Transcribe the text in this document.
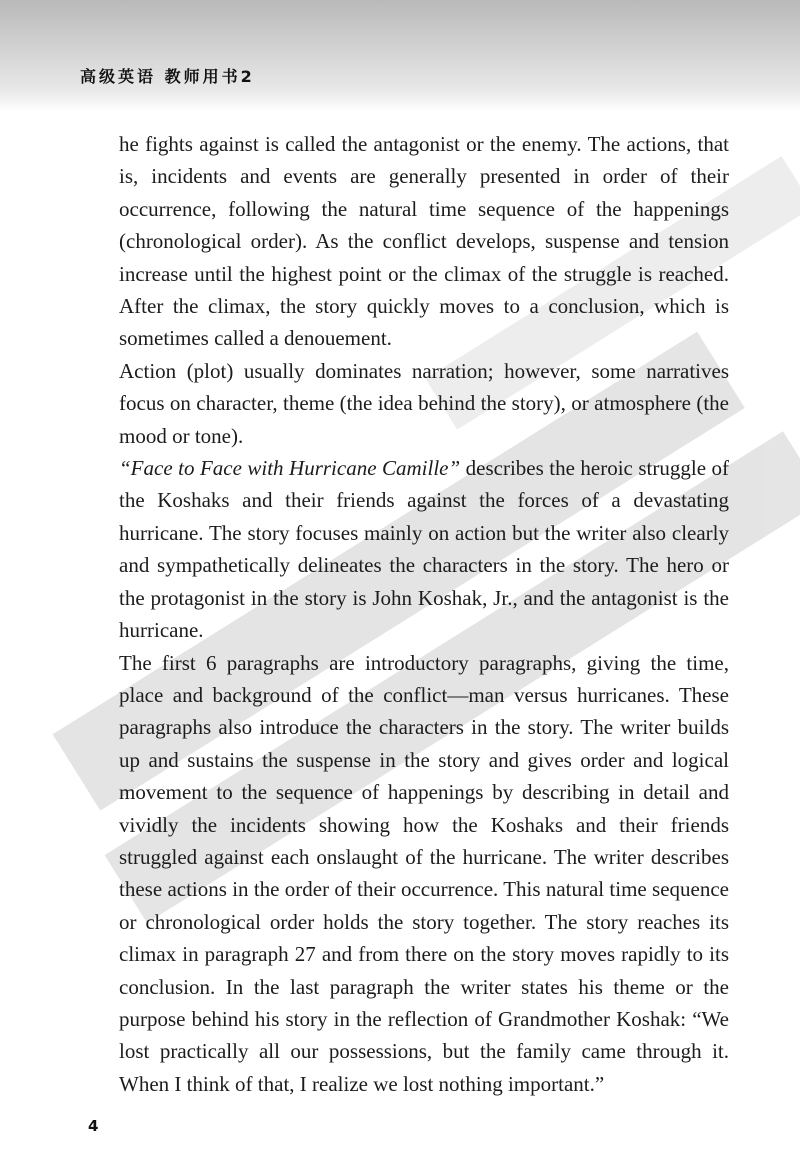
高级英语 教师用书2

he fights against is called the antagonist or the enemy. The actions, that is, incidents and events are generally presented in order of their occurrence, following the natural time sequence of the happenings (chronological order). As the conflict develops, suspense and tension increase until the highest point or the climax of the struggle is reached. After the climax, the story quickly moves to a conclusion, which is sometimes called a denouement.

Action (plot) usually dominates narration; however, some narratives focus on character, theme (the idea behind the story), or atmosphere (the mood or tone).

“Face to Face with Hurricane Camille” describes the heroic struggle of the Koshaks and their friends against the forces of a devastating hurricane. The story focuses mainly on action but the writer also clearly and sympathetically delineates the characters in the story. The hero or the protagonist in the story is John Koshak, Jr., and the antagonist is the hurricane.

The first 6 paragraphs are introductory paragraphs, giving the time, place and background of the conflict—man versus hurricanes. These paragraphs also introduce the characters in the story. The writer builds up and sustains the suspense in the story and gives order and logical movement to the sequence of happenings by describing in detail and vividly the incidents showing how the Koshaks and their friends struggled against each onslaught of the hurricane. The writer describes these actions in the order of their occurrence. This natural time sequence or chronological order holds the story together. The story reaches its climax in paragraph 27 and from there on the story moves rapidly to its conclusion. In the last paragraph the writer states his theme or the purpose behind his story in the reflection of Grandmother Koshak: “We lost practically all our possessions, but the family came through it. When I think of that, I realize we lost nothing important.”

4
